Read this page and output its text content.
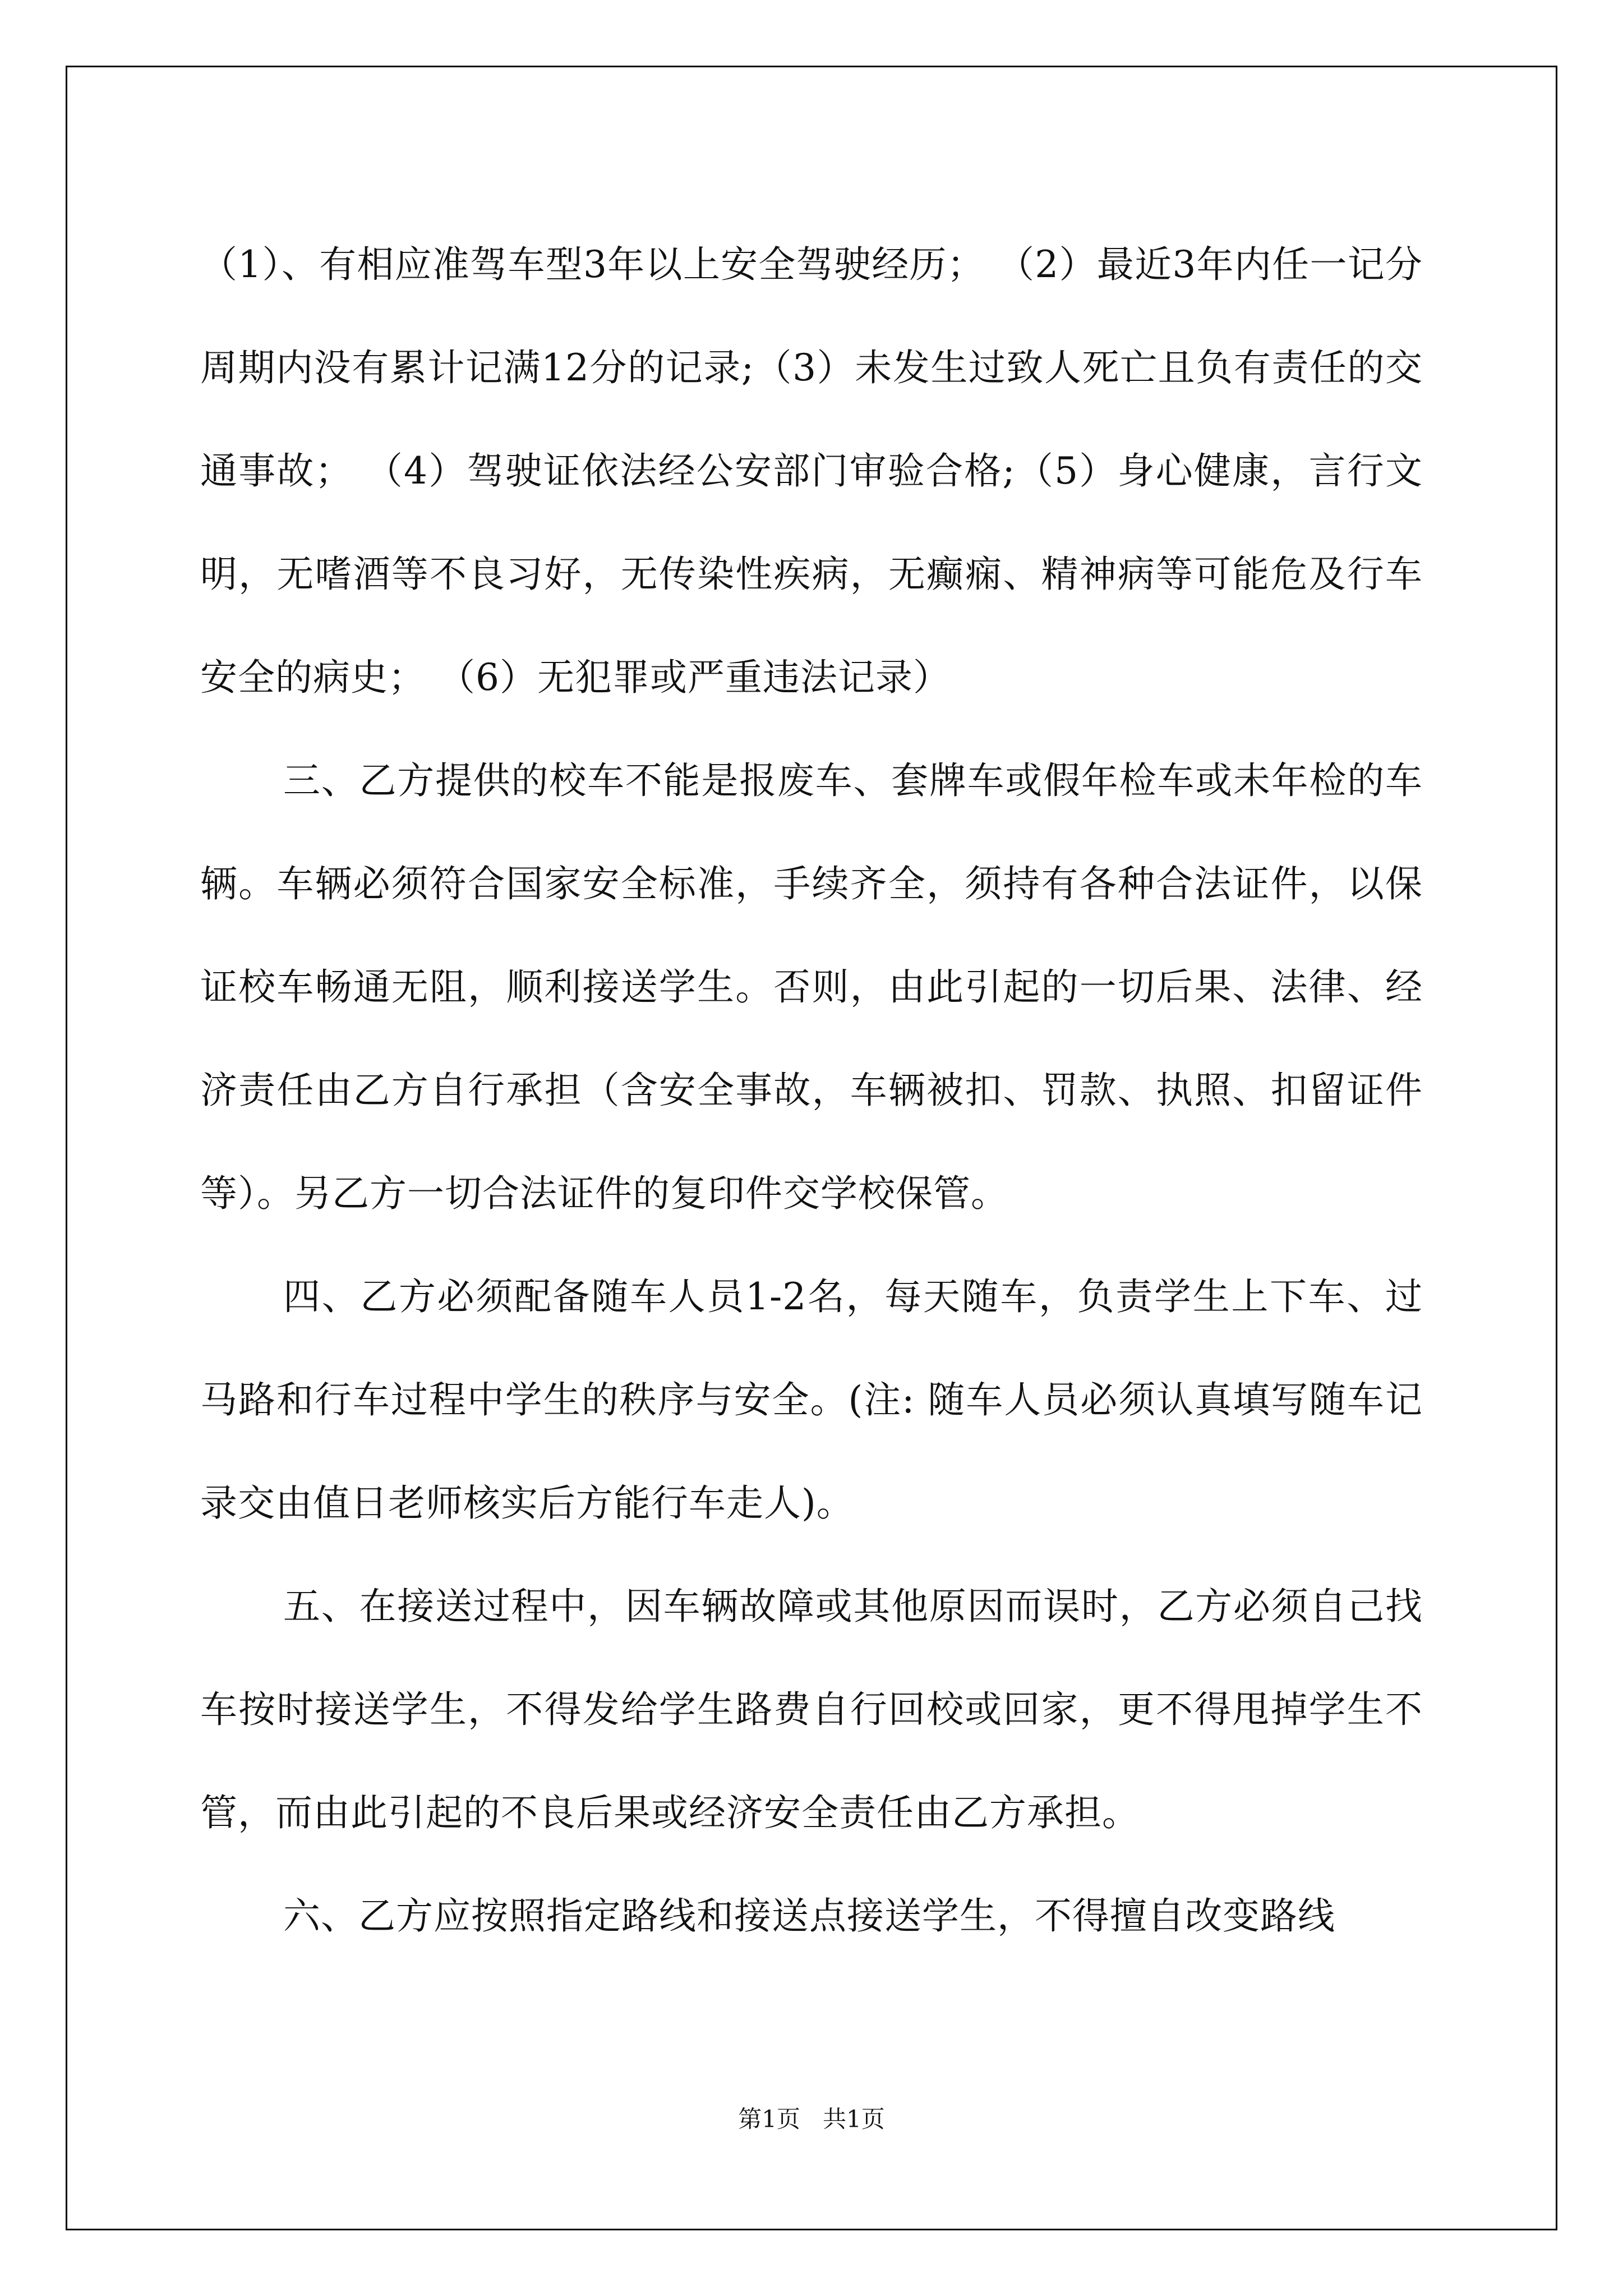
（1）、有相应准驾车型3年以上安全驾驶经历； （2）最近3年内任一记分周期内没有累计记满12分的记录;（3）未发生过致人死亡且负有责任的交通事故； （4）驾驶证依法经公安部门审验合格;（5）身心健康，言行文明，无嗜酒等不良习好，无传染性疾病，无癫痫、精神病等可能危及行车安全的病史； （6）无犯罪或严重违法记录）

三、乙方提供的校车不能是报废车、套牌车或假年检车或未年检的车辆。车辆必须符合国家安全标准，手续齐全，须持有各种合法证件，以保证校车畅通无阻，顺利接送学生。否则，由此引起的一切后果、法律、经济责任由乙方自行承担（含安全事故，车辆被扣、罚款、执照、扣留证件等）。另乙方一切合法证件的复印件交学校保管。

四、乙方必须配备随车人员1-2名，每天随车，负责学生上下车、过马路和行车过程中学生的秩序与安全。(注: 随车人员必须认真填写随车记录交由值日老师核实后方能行车走人)。

五、在接送过程中，因车辆故障或其他原因而误时，乙方必须自己找车按时接送学生，不得发给学生路费自行回校或回家，更不得甩掉学生不管，而由此引起的不良后果或经济安全责任由乙方承担。

六、乙方应按照指定路线和接送点接送学生，不得擅自改变路线

第1页 共1页
